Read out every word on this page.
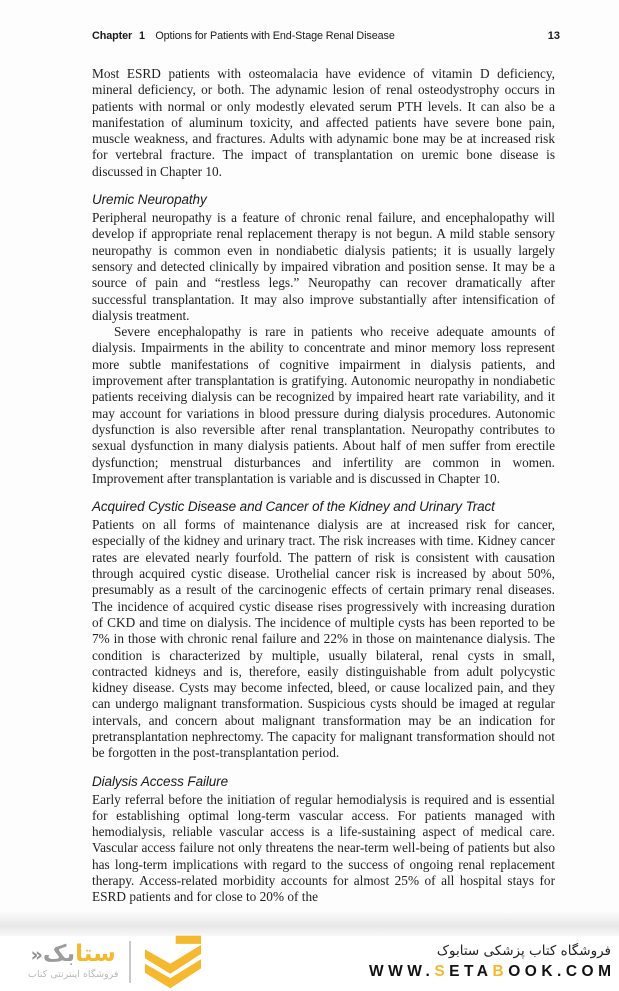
Chapter 1 Options for Patients with End-Stage Renal Disease	13

Most ESRD patients with osteomalacia have evidence of vitamin D deficiency, mineral deficiency, or both. The adynamic lesion of renal osteodystrophy occurs in patients with normal or only modestly elevated serum PTH levels. It can also be a manifestation of aluminum toxicity, and affected patients have severe bone pain, muscle weakness, and fractures. Adults with adynamic bone may be at increased risk for vertebral fracture. The impact of transplantation on uremic bone disease is discussed in Chapter 10.

Uremic Neuropathy

Peripheral neuropathy is a feature of chronic renal failure, and encephalopathy will develop if appropriate renal replacement therapy is not begun. A mild stable sensory neuropathy is common even in nondiabetic dialysis patients; it is usually largely sensory and detected clinically by impaired vibration and position sense. It may be a source of pain and “restless legs.” Neuropathy can recover dramatically after successful transplantation. It may also improve substantially after intensification of dialysis treatment.

Severe encephalopathy is rare in patients who receive adequate amounts of dialysis. Impairments in the ability to concentrate and minor memory loss represent more subtle manifestations of cognitive impairment in dialysis patients, and improvement after transplantation is gratifying. Autonomic neuropathy in nondiabetic patients receiving dialysis can be recognized by impaired heart rate variability, and it may account for variations in blood pressure during dialysis procedures. Autonomic dysfunction is also reversible after renal transplantation. Neuropathy contributes to sexual dysfunction in many dialysis patients. About half of men suffer from erectile dysfunction; menstrual disturbances and infertility are common in women. Improvement after transplantation is variable and is discussed in Chapter 10.

Acquired Cystic Disease and Cancer of the Kidney and Urinary Tract

Patients on all forms of maintenance dialysis are at increased risk for cancer, especially of the kidney and urinary tract. The risk increases with time. Kidney cancer rates are elevated nearly fourfold. The pattern of risk is consistent with causation through acquired cystic disease. Urothelial cancer risk is increased by about 50%, presumably as a result of the carcinogenic effects of certain primary renal diseases. The incidence of acquired cystic disease rises progressively with increasing duration of CKD and time on dialysis. The incidence of multiple cysts has been reported to be 7% in those with chronic renal failure and 22% in those on maintenance dialysis. The condition is characterized by multiple, usually bilateral, renal cysts in small, contracted kidneys and is, therefore, easily distinguishable from adult polycystic kidney disease. Cysts may become infected, bleed, or cause localized pain, and they can undergo malignant transformation. Suspicious cysts should be imaged at regular intervals, and concern about malignant transformation may be an indication for pretransplantation nephrectomy. The capacity for malignant transformation should not be forgotten in the post-transplantation period.

Dialysis Access Failure

Early referral before the initiation of regular hemodialysis is required and is essential for establishing optimal long-term vascular access. For patients managed with hemodialysis, reliable vascular access is a life-sustaining aspect of medical care. Vascular access failure not only threatens the near-term well-being of patients but also has long-term implications with regard to the success of ongoing renal replacement therapy. Access-related morbidity accounts for almost 25% of all hospital stays for ESRD patients and for close to 20% of the

ستابک«
فروشگاه اینترنتی کتاب
فروشگاه کتاب پزشکی ستابوک
WWW.SETABOOK.COM
